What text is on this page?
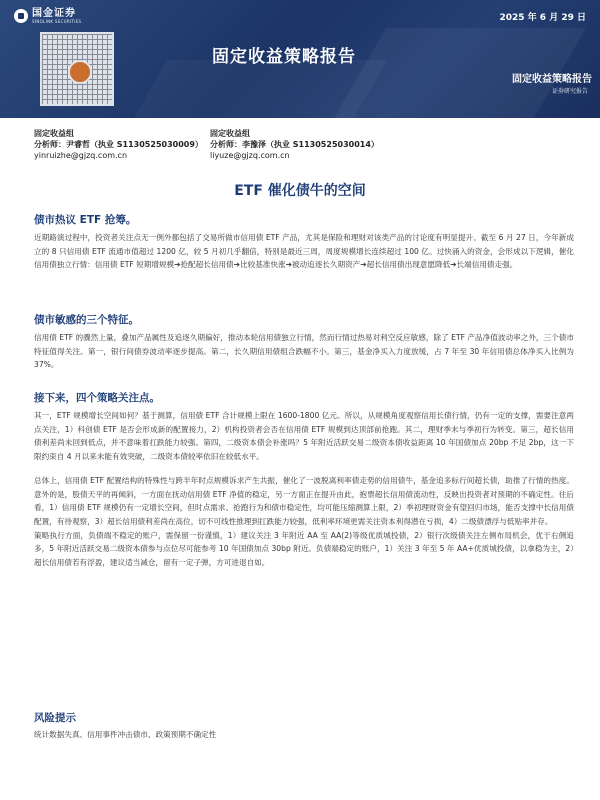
国金证券
SINOLINK SECURITIES	2025 年 6 月 29 日
固定收益策略报告
固定收益策略报告
证券研究报告
固定收益组
分析师：尹睿哲（执业 S1130525030009）
yinruizhe@gjzq.com.cn
固定收益组
分析师：李豫泽（执业 S1130525030014）
liyuze@gjzq.com.cn
ETF 催化债牛的空间
债市热议 ETF 抢筹。

近期路演过程中，投资者关注点无一例外都包括了交易所做市信用债 ETF 产品，尤其是保险和理财对该类产品的讨论度有明显提升。截至 6 月 27 日，今年新成立的 8 只信用债 ETF 流通市值超过 1200 亿，较 5 月初几乎翻倍，特别是最近三周，周度规模增长连续超过 100 亿。过快涌入的资金，会形成以下逻辑，催化信用债独立行情：信用债 ETF 短期增规模➔抢配超长信用债➔比较基准快涨➔被动追逐长久期资产➔超长信用债出现意愿降低➔长端信用债走强。

债市敏感的三个特征。

信用债 ETF 的骤然上量，叠加产品属性及追逐久期偏好，推动本轮信用债独立行情，然而行情过热易对利空反应敏感，除了 ETF 产品净值波动率之外，三个债市特征值得关注。第一，银行间债券波动率逐步提高。第二，长久期信用债组合跌幅不小。第三，基金净买入力度放缓，占 7 年至 30 年信用债总体净买入比例为 37%。

接下来，四个策略关注点。

其一，ETF 规模增长空间如何？基于测算，信用债 ETF 合计规模上限在 1600-1800 亿元。所以，从规模角度观察信用长债行情，仍有一定的支撑，需要注意两点关注，1）科创债 ETF 是否会形成新的配置接力，2）机构投资者会否在信用债 ETF 规模到达顶部前抢跑。其二，理财季末与季初行为转变。第三，超长信用债利差尚未回到低点，并不意味着扛跌能力较强。第四，二级资本债会补涨吗？5 年附近活跃交易二级资本债收益距离 10 年国债加点 20bp 不足 2bp，这一下限约束自 4 月以来未能有效突破，二级资本债较率依旧在较低水平。

总体上，信用债 ETF 配置结构的特殊性与跨半年时点规模诉求产生共振，催化了一波脱离利率债走势的信用债牛，基金追多标行间超长债，助推了行情的热度。意外的是，股债天平的再倾斜，一方面在抚动信用债 ETF 净值的稳定，另一方面正在提升由此，抱票超长信用债流动性，反映出投资者对预期的不确定性。往后看，1）信用债 ETF 规模仍有一定增长空间，但时点需求、抢跑行为和债市稳定性，均可能压缩测算上限，2）季初理财资金有望回归市场，能否支撑中长信用债配置，有待观察，3）超长信用债利差尚在高位，切不可线性推理到扛跌能力较强，低利率环境更需关注资本利得潜在亏损，4）二级债漂浮与低贴率并存。

策略执行方面，负债端不稳定的账户，需保留一份谨慎，1）建议关注 3 年附近 AA 至 AA(2)等级优质城投债，2）银行次级债关注左侧布局机会，优于右侧追多，5 年附近活跃交易二级资本债参与点位尽可能参考 10 年国债加点 30bp 附近。负债端稳定的账户，1）关注 3 年至 5 年 AA+优质城投债，以拿稳为主，2）超长信用债若有浮盈，建议适当减仓，留有一定子弹，方可进退自如。

风险提示
统计数据失真、信用事件冲击债市、政策预期不确定性
